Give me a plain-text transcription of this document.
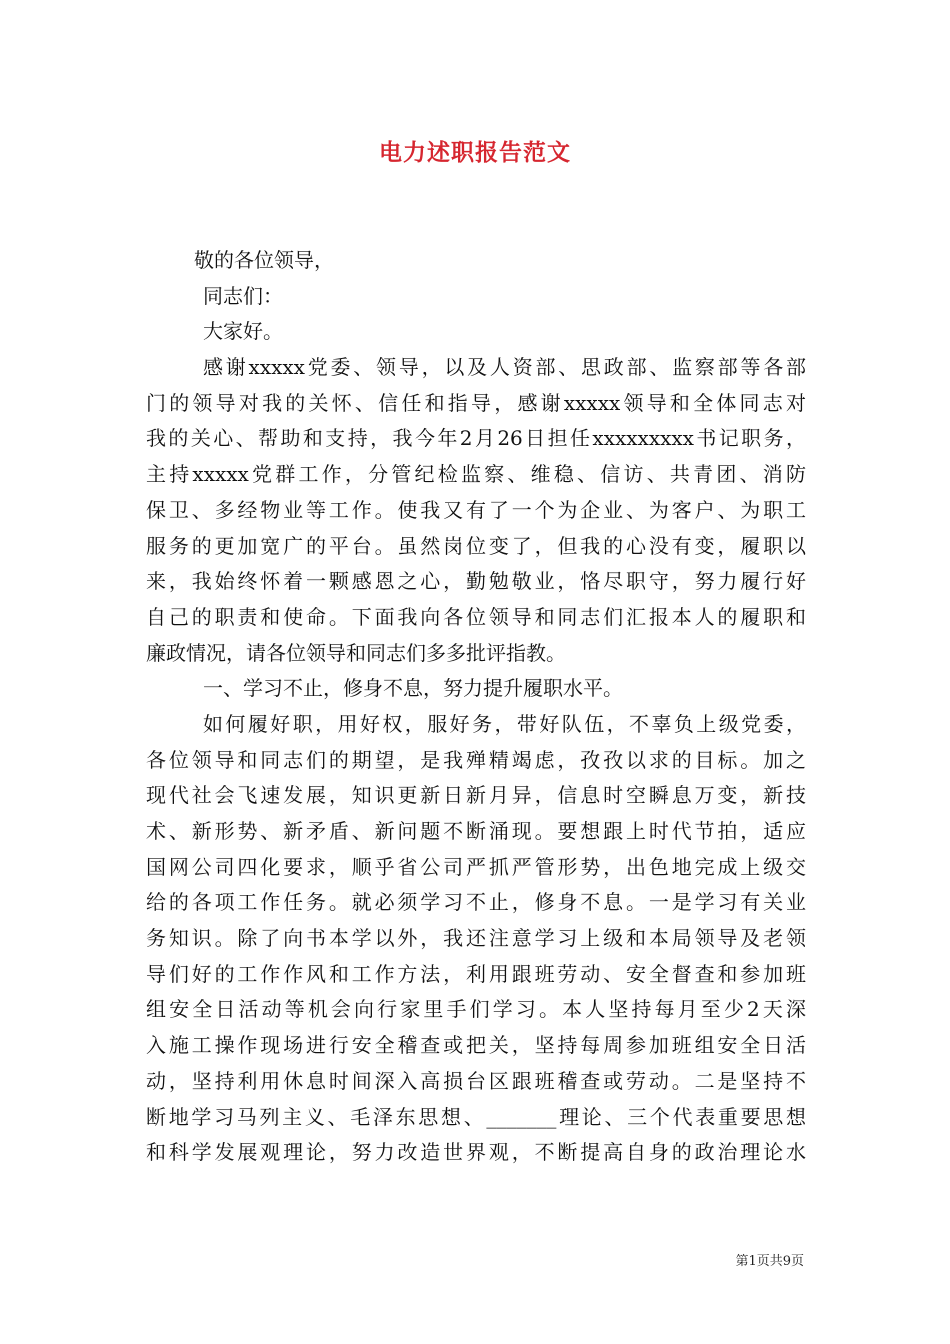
电力述职报告范文
敬的各位领导，
同志们：
大家好。
感谢xxxxx党委、领导，以及人资部、思政部、监察部等各部
门的领导对我的关怀、信任和指导，感谢xxxxx领导和全体同志对
我的关心、帮助和支持，我今年2月26日担任xxxxxxxxx书记职务，
主持xxxxx党群工作，分管纪检监察、维稳、信访、共青团、消防
保卫、多经物业等工作。使我又有了一个为企业、为客户、为职工
服务的更加宽广的平台。虽然岗位变了，但我的心没有变，履职以
来，我始终怀着一颗感恩之心，勤勉敬业，恪尽职守，努力履行好
自己的职责和使命。下面我向各位领导和同志们汇报本人的履职和
廉政情况，请各位领导和同志们多多批评指教。
一、学习不止，修身不息，努力提升履职水平。
如何履好职，用好权，服好务，带好队伍，不辜负上级党委，
各位领导和同志们的期望，是我殚精竭虑，孜孜以求的目标。加之
现代社会飞速发展，知识更新日新月异，信息时空瞬息万变，新技
术、新形势、新矛盾、新问题不断涌现。要想跟上时代节拍，适应
国网公司四化要求，顺乎省公司严抓严管形势，出色地完成上级交
给的各项工作任务。就必须学习不止，修身不息。一是学习有关业
务知识。除了向书本学以外，我还注意学习上级和本局领导及老领
导们好的工作作风和工作方法，利用跟班劳动、安全督查和参加班
组安全日活动等机会向行家里手们学习。本人坚持每月至少2天深
入施工操作现场进行安全稽查或把关，坚持每周参加班组安全日活
动，坚持利用休息时间深入高损台区跟班稽查或劳动。二是坚持不
断地学习马列主义、毛泽东思想、_______理论、三个代表重要思想
和科学发展观理论，努力改造世界观，不断提高自身的政治理论水
第1页共9页
